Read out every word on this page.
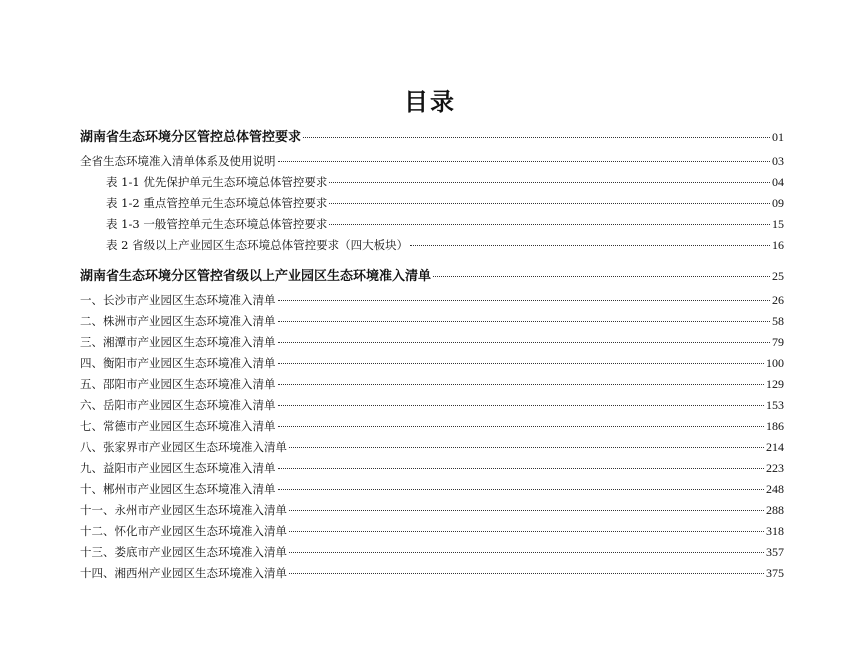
目录
湖南省生态环境分区管控总体管控要求	01
全省生态环境准入清单体系及使用说明	03
表 1-1 优先保护单元生态环境总体管控要求	04
表 1-2 重点管控单元生态环境总体管控要求	09
表 1-3 一般管控单元生态环境总体管控要求	15
表 2 省级以上产业园区生态环境总体管控要求（四大板块）	16
湖南省生态环境分区管控省级以上产业园区生态环境准入清单	25
一、长沙市产业园区生态环境准入清单	26
二、株洲市产业园区生态环境准入清单	58
三、湘潭市产业园区生态环境准入清单	79
四、衡阳市产业园区生态环境准入清单	100
五、邵阳市产业园区生态环境准入清单	129
六、岳阳市产业园区生态环境准入清单	153
七、常德市产业园区生态环境准入清单	186
八、张家界市产业园区生态环境准入清单	214
九、益阳市产业园区生态环境准入清单	223
十、郴州市产业园区生态环境准入清单	248
十一、永州市产业园区生态环境准入清单	288
十二、怀化市产业园区生态环境准入清单	318
十三、娄底市产业园区生态环境准入清单	357
十四、湘西州产业园区生态环境准入清单	375
